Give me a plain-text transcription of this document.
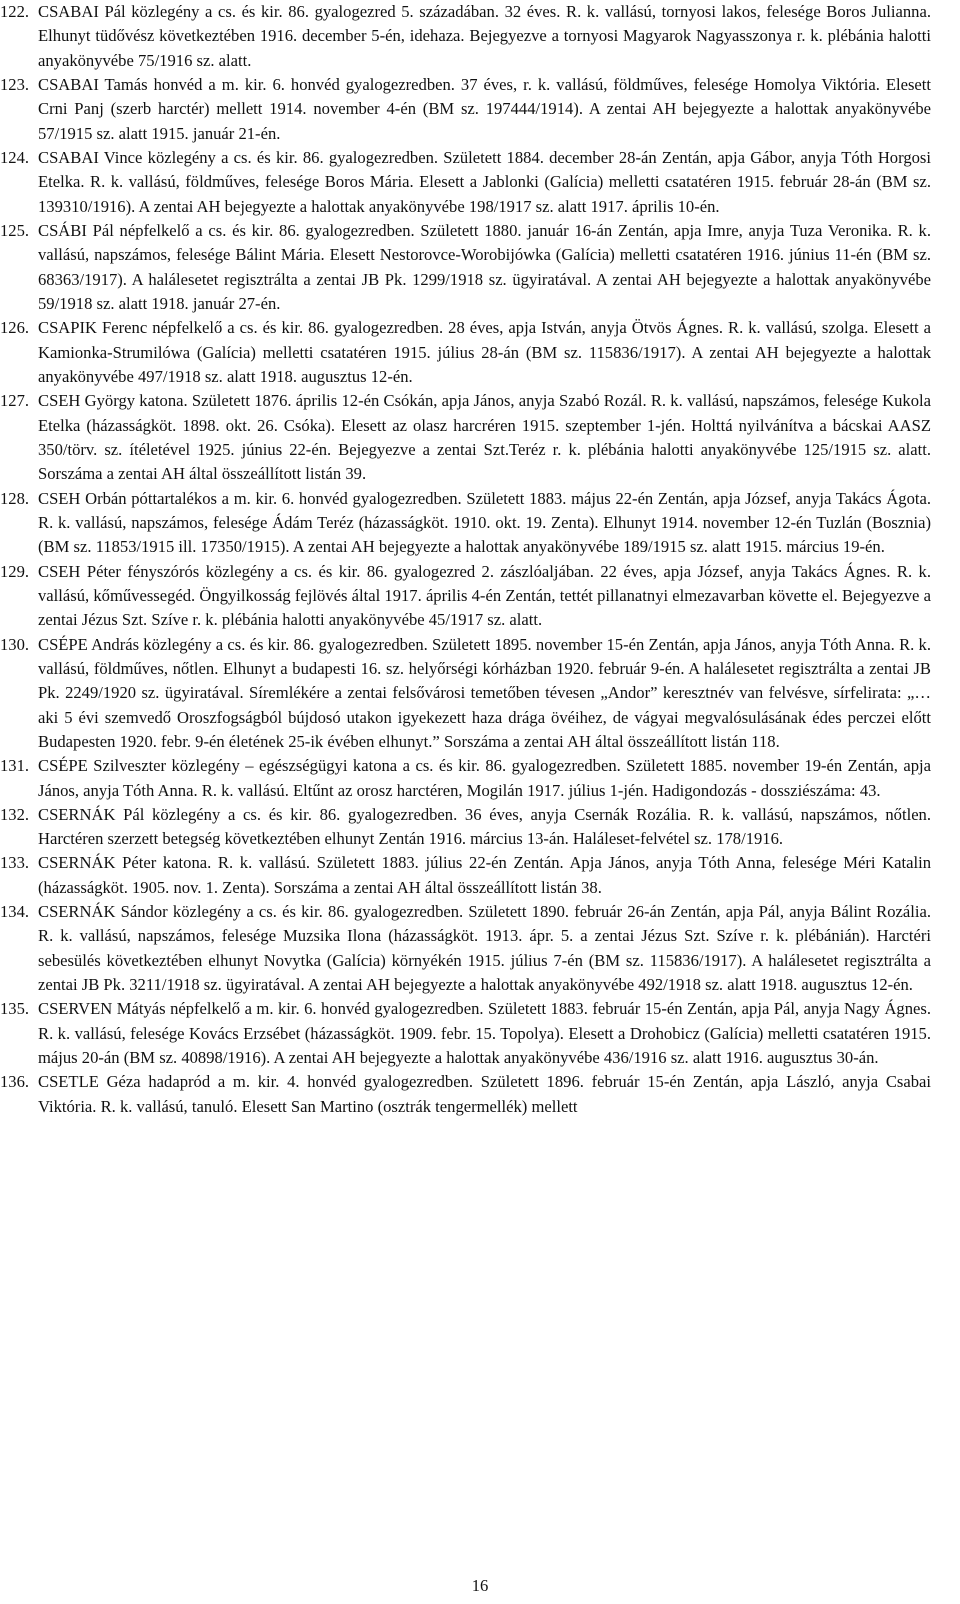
122. CSABAI Pál közlegény a cs. és kir. 86. gyalogezred 5. századában. 32 éves. R. k. vallású, tornyosi lakos, felesége Boros Julianna. Elhunyt tüdővész következtében 1916. december 5-én, idehaza. Bejegyezve a tornyosi Magyarok Nagyasszonya r. k. plébánia halotti anyakönyvébe 75/1916 sz. alatt.
123. CSABAI Tamás honvéd a m. kir. 6. honvéd gyalogezredben. 37 éves, r. k. vallású, földműves, felesége Homolya Viktória. Elesett Crni Panj (szerb harctér) mellett 1914. november 4-én (BM sz. 197444/1914). A zentai AH bejegyezte a halottak anyakönyvébe 57/1915 sz. alatt 1915. január 21-én.
124. CSABAI Vince közlegény a cs. és kir. 86. gyalogezredben. Született 1884. december 28-án Zentán, apja Gábor, anyja Tóth Horgosi Etelka. R. k. vallású, földműves, felesége Boros Mária. Elesett a Jablonki (Galícia) melletti csatatéren 1915. február 28-án (BM sz. 139310/1916). A zentai AH bejegyezte a halottak anyakönyvébe 198/1917 sz. alatt 1917. április 10-én.
125. CSÁBI Pál népfelkelő a cs. és kir. 86. gyalogezredben. Született 1880. január 16-án Zentán, apja Imre, anyja Tuza Veronika. R. k. vallású, napszámos, felesége Bálint Mária. Elesett Nestorovce-Worobijówka (Galícia) melletti csatatéren 1916. június 11-én (BM sz. 68363/1917). A halálesetet regisztrálta a zentai JB Pk. 1299/1918 sz. ügyiratával. A zentai AH bejegyezte a halottak anyakönyvébe 59/1918 sz. alatt 1918. január 27-én.
126. CSAPIK Ferenc népfelkelő a cs. és kir. 86. gyalogezredben. 28 éves, apja István, anyja Ötvös Ágnes. R. k. vallású, szolga. Elesett a Kamionka-Strumilówa (Galícia) melletti csatatéren 1915. július 28-án (BM sz. 115836/1917). A zentai AH bejegyezte a halottak anyakönyvébe 497/1918 sz. alatt 1918. augusztus 12-én.
127. CSEH György katona. Született 1876. április 12-én Csókán, apja János, anyja Szabó Rozál. R. k. vallású, napszámos, felesége Kukola Etelka (házasságköt. 1898. okt. 26. Csóka). Elesett az olasz harcréren 1915. szeptember 1-jén. Holttá nyilvánítva a bácskai AASZ 350/törv. sz. ítéletével 1925. június 22-én. Bejegyezve a zentai Szt.Teréz r. k. plébánia halotti anyakönyvébe 125/1915 sz. alatt. Sorszáma a zentai AH által összeállított listán 39.
128. CSEH Orbán póttartalékos a m. kir. 6. honvéd gyalogezredben. Született 1883. május 22-én Zentán, apja József, anyja Takács Ágota. R. k. vallású, napszámos, felesége Ádám Teréz (házasságköt. 1910. okt. 19. Zenta). Elhunyt 1914. november 12-én Tuzlán (Bosznia) (BM sz. 11853/1915 ill. 17350/1915). A zentai AH bejegyezte a halottak anyakönyvébe 189/1915 sz. alatt 1915. március 19-én.
129. CSEH Péter fényszórós közlegény a cs. és kir. 86. gyalogezred 2. zászlóaljában. 22 éves, apja József, anyja Takács Ágnes. R. k. vallású, kőművessegéd. Öngyilkosság fejlövés által 1917. április 4-én Zentán, tettét pillanatnyi elmezavarban követte el. Bejegyezve a zentai Jézus Szt. Szíve r. k. plébánia halotti anyakönyvébe 45/1917 sz. alatt.
130. CSÉPE András közlegény a cs. és kir. 86. gyalogezredben. Született 1895. november 15-én Zentán, apja János, anyja Tóth Anna. R. k. vallású, földműves, nőtlen. Elhunyt a budapesti 16. sz. helyőrségi kórházban 1920. február 9-én. A halálesetet regisztrálta a zentai JB Pk. 2249/1920 sz. ügyiratával. Síremlékére a zentai felsővárosi temetőben tévesen „Andor” keresztnév van felvésve, sírfelirata: „…aki 5 évi szemvedő Oroszfogságból bújdosó utakon igyekezett haza drága övéihez, de vágyai megvalósulásának édes perczei előtt Budapesten 1920. febr. 9-én életének 25-ik évében elhunyt.” Sorszáma a zentai AH által összeállított listán 118.
131. CSÉPE Szilveszter közlegény – egészségügyi katona a cs. és kir. 86. gyalogezredben. Született 1885. november 19-én Zentán, apja János, anyja Tóth Anna. R. k. vallású. Eltűnt az orosz harctéren, Mogilán 1917. július 1-jén. Hadigondozás - dossziészáma: 43.
132. CSERNÁK Pál közlegény a cs. és kir. 86. gyalogezredben. 36 éves, anyja Csernák Rozália. R. k. vallású, napszámos, nőtlen. Harctéren szerzett betegség következtében elhunyt Zentán 1916. március 13-án. Haláleset-felvétel sz. 178/1916.
133. CSERNÁK Péter katona. R. k. vallású. Született 1883. július 22-én Zentán. Apja János, anyja Tóth Anna, felesége Méri Katalin (házasságköt. 1905. nov. 1. Zenta). Sorszáma a zentai AH által összeállított listán 38.
134. CSERNÁK Sándor közlegény a cs. és kir. 86. gyalogezredben. Született 1890. február 26-án Zentán, apja Pál, anyja Bálint Rozália. R. k. vallású, napszámos, felesége Muzsika Ilona (házasságköt. 1913. ápr. 5. a zentai Jézus Szt. Szíve r. k. plébánián). Harctéri sebesülés következtében elhunyt Novytka (Galícia) környékén 1915. július 7-én (BM sz. 115836/1917). A halálesetet regisztrálta a zentai JB Pk. 3211/1918 sz. ügyiratával. A zentai AH bejegyezte a halottak anyakönyvébe 492/1918 sz. alatt 1918. augusztus 12-én.
135. CSERVEN Mátyás népfelkelő a m. kir. 6. honvéd gyalogezredben. Született 1883. február 15-én Zentán, apja Pál, anyja Nagy Ágnes. R. k. vallású, felesége Kovács Erzsébet (házasságköt. 1909. febr. 15. Topolya). Elesett a Drohobicz (Galícia) melletti csatatéren 1915. május 20-án (BM sz. 40898/1916). A zentai AH bejegyezte a halottak anyakönyvébe 436/1916 sz. alatt 1916. augusztus 30-án.
136. CSETLE Géza hadapród a m. kir. 4. honvéd gyalogezredben. Született 1896. február 15-én Zentán, apja László, anyja Csabai Viktória. R. k. vallású, tanuló. Elesett San Martino (osztrák tengermellék) mellett
16
